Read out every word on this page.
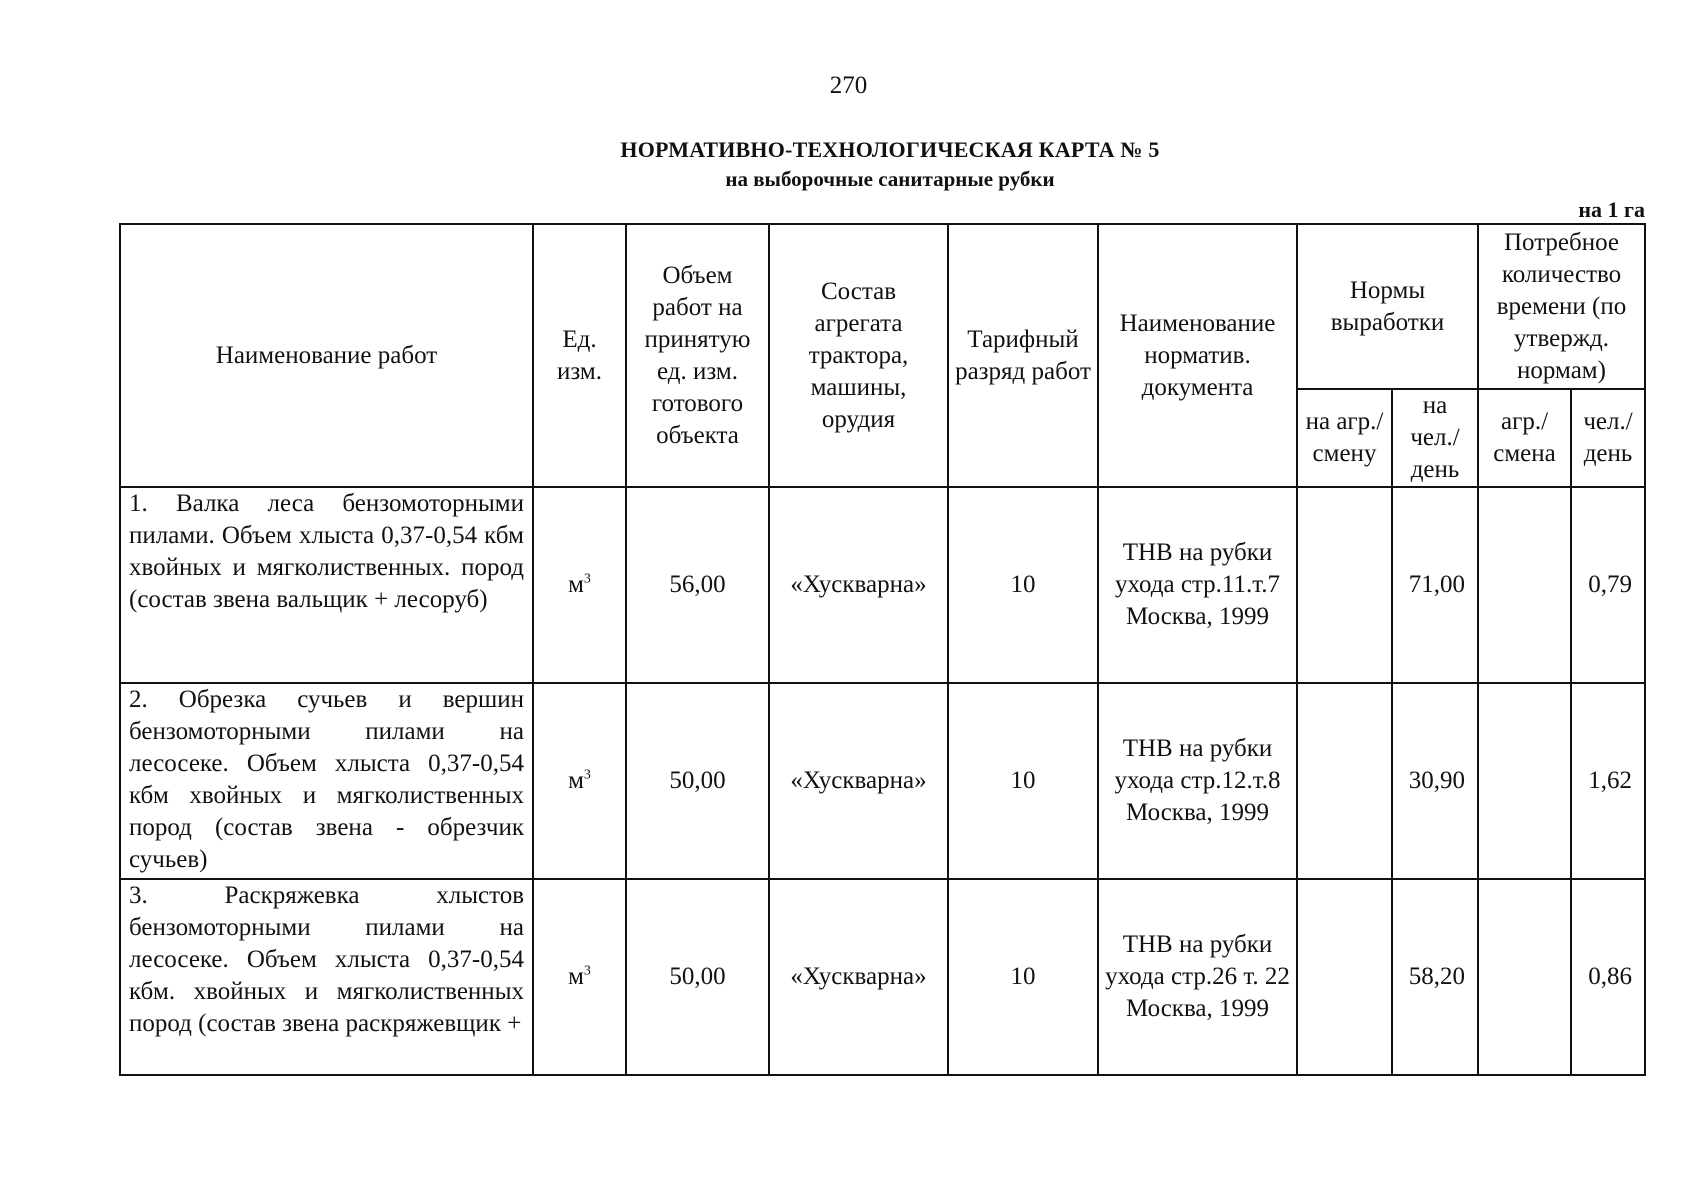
270
НОРМАТИВНО-ТЕХНОЛОГИЧЕСКАЯ КАРТА № 5
на выборочные санитарные рубки
на 1 га
Наименование работ	Ед. изм.	Объем работ на принятую ед. изм. готового объекта	Состав агрегата трактора, машины, орудия	Тарифный разряд работ	Наименование норматив. документа	Нормы выработки		Потребное количество времени (по утвержд. нормам)	
						на агр./ смену	на чел./ день	агр./ смена	чел./ день
1. Валка леса бензомоторными пилами. Объем хлыста 0,37-0,54 кбм хвойных и мягколиственных. пород (состав звена вальщик + лесоруб)	$м^3$	56,00	«Хускварна»	10	ТНВ на рубки ухода стр.11.т.7 Москва, 1999		71,00		0,79
2. Обрезка сучьев и вершин бензомоторными пилами на лесосеке. Объем хлыста 0,37-0,54 кбм хвойных и мягколиственных пород (состав звена - обрезчик сучьев)	$м^3$	50,00	«Хускварна»	10	ТНВ на рубки ухода стр.12.т.8 Москва, 1999		30,90		1,62
3. Раскряжевка хлыстов бензомоторными пилами на лесосеке. Объем хлыста 0,37-0,54 кбм. хвойных и мягколиственных пород (состав звена раскряжевщик +	$м^3$	50,00	«Хускварна»	10	ТНВ на рубки ухода стр.26 т. 22 Москва, 1999		58,20		0,86
